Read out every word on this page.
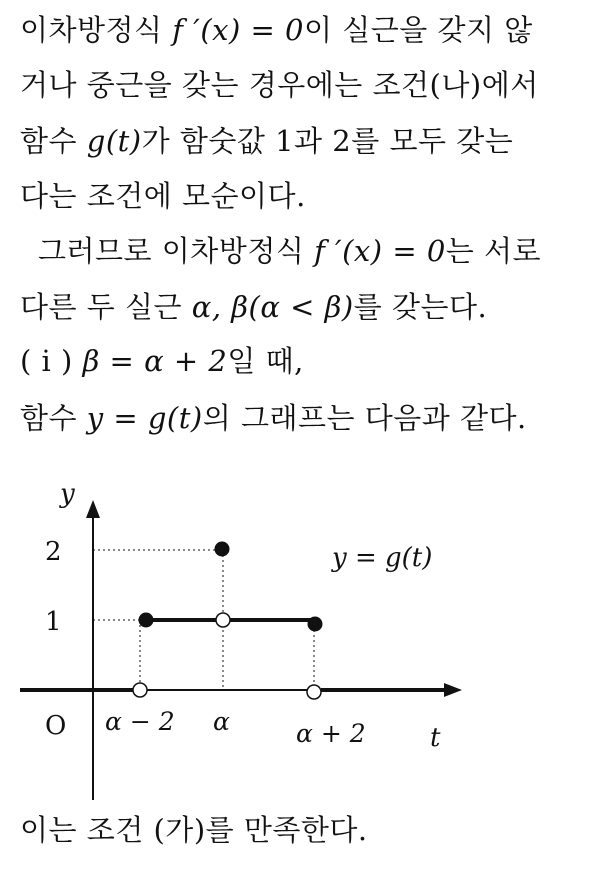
이차방정식 f ′(x) = 0이 실근을 갖지 않
거나 중근을 갖는 경우에는 조건(나)에서
함수 g(t)가 함숫값 1과 2를 모두 갖는
다는 조건에 모순이다.
그러므로 이차방정식 f ′(x) = 0는 서로
다른 두 실근 α, β(α < β)를 갖는다.
( i ) β = α + 2일 때,
함수 y = g(t)의 그래프는 다음과 같다.
y
2
1
O α − 2 α	α + 2 t
y = g(t)
이는 조건 (가)를 만족한다.
